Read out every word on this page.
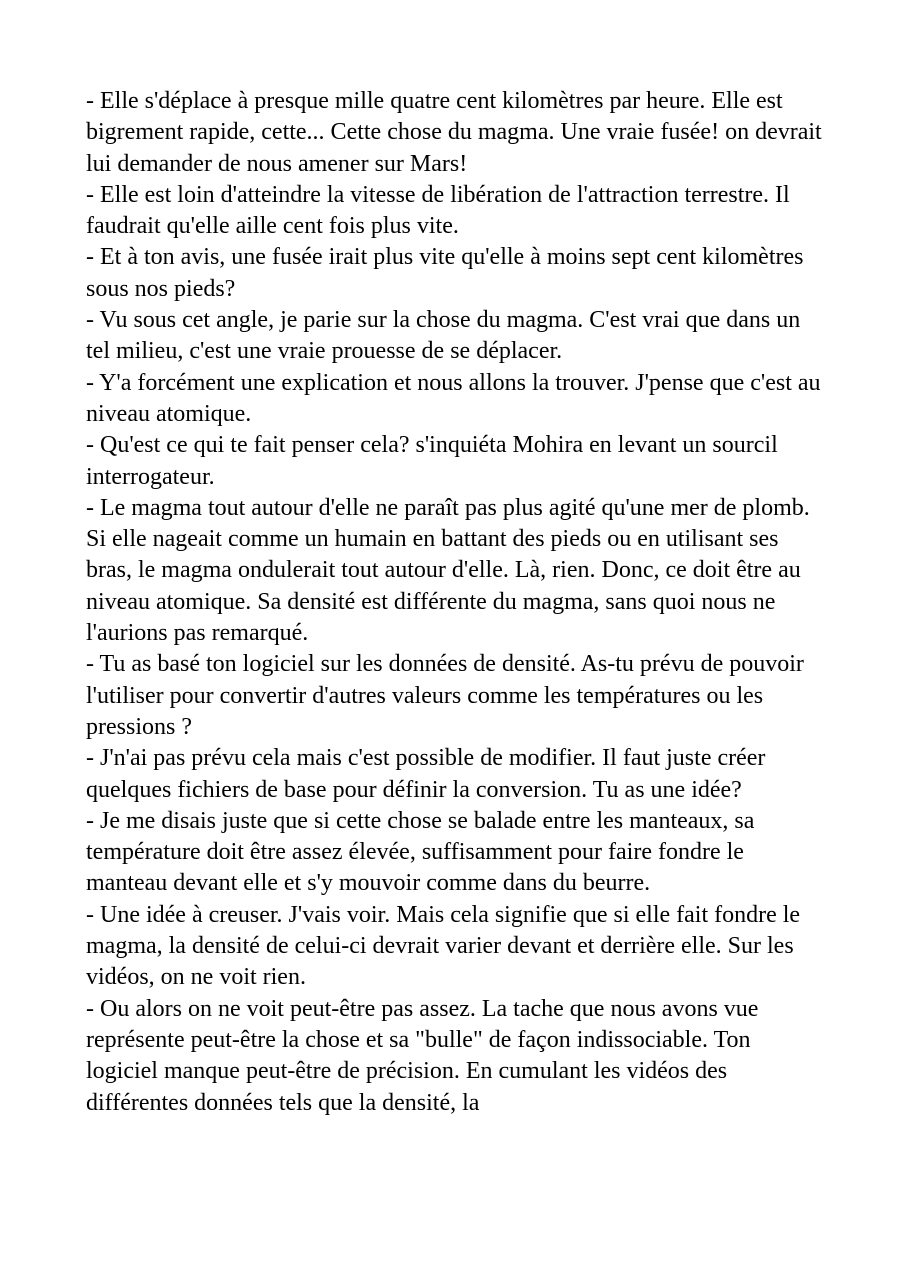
- Elle s'déplace à presque mille quatre cent kilomètres par heure. Elle est bigrement rapide, cette... Cette chose du magma. Une vraie fusée! on devrait lui demander de nous amener sur Mars!

- Elle est loin d'atteindre la vitesse de libération de l'attraction terrestre. Il faudrait qu'elle aille cent fois plus vite.

- Et à ton avis, une fusée irait plus vite qu'elle à moins sept cent kilomètres sous nos pieds?

- Vu sous cet angle, je parie sur la chose du magma. C'est vrai que dans un tel milieu, c'est une vraie prouesse de se déplacer.

- Y'a forcément une explication et nous allons la trouver. J'pense que c'est au niveau atomique.

- Qu'est ce qui te fait penser cela? s'inquiéta Mohira en levant un sourcil interrogateur.

- Le magma tout autour d'elle ne paraît pas plus agité qu'une mer de plomb. Si elle nageait comme un humain en battant des pieds ou en utilisant ses bras, le magma ondulerait tout autour d'elle. Là, rien. Donc, ce doit être au niveau atomique. Sa densité est différente du magma, sans quoi nous ne l'aurions pas remarqué.

- Tu as basé ton logiciel sur les données de densité. As-tu prévu de pouvoir l'utiliser pour convertir d'autres valeurs comme les températures ou les pressions ?

- J'n'ai pas prévu cela mais c'est possible de modifier. Il faut juste créer quelques fichiers de base pour définir la conversion. Tu as une idée?

- Je me disais juste que si cette chose se balade entre les manteaux, sa température doit être assez élevée, suffisamment pour faire fondre le manteau devant elle et s'y mouvoir comme dans du beurre.

- Une idée à creuser. J'vais voir. Mais cela signifie que si elle fait fondre le magma, la densité de celui-ci devrait varier devant et derrière elle. Sur les vidéos, on ne voit rien.

- Ou alors on ne voit peut-être pas assez. La tache que nous avons vue représente peut-être la chose et sa "bulle" de façon indissociable. Ton logiciel manque peut-être de précision. En cumulant les vidéos des différentes données tels que la densité, la
